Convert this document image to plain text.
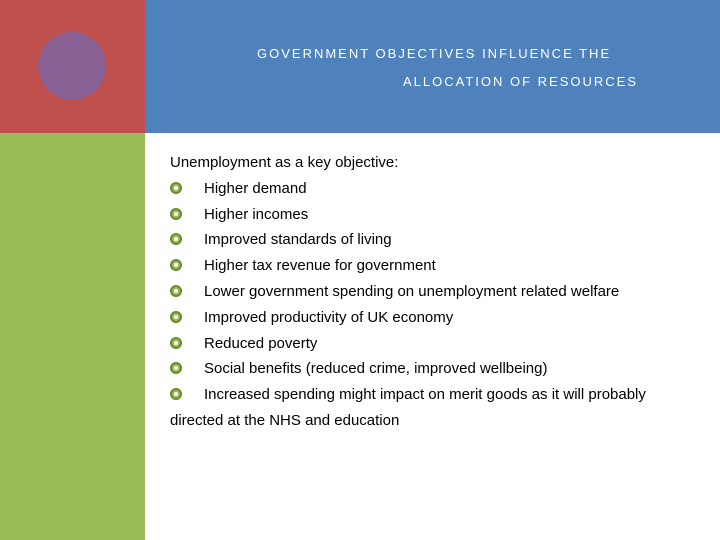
GOVERNMENT OBJECTIVES INFLUENCE THE
ALLOCATION OF RESOURCES
Unemployment as a key objective:
Higher demand
Higher incomes
Improved standards of living
Higher tax revenue for government
Lower government spending on unemployment related welfare
Improved productivity of UK economy
Reduced poverty
Social benefits (reduced crime, improved wellbeing)
Increased spending might impact on merit goods as it will probably
directed at the NHS and education
